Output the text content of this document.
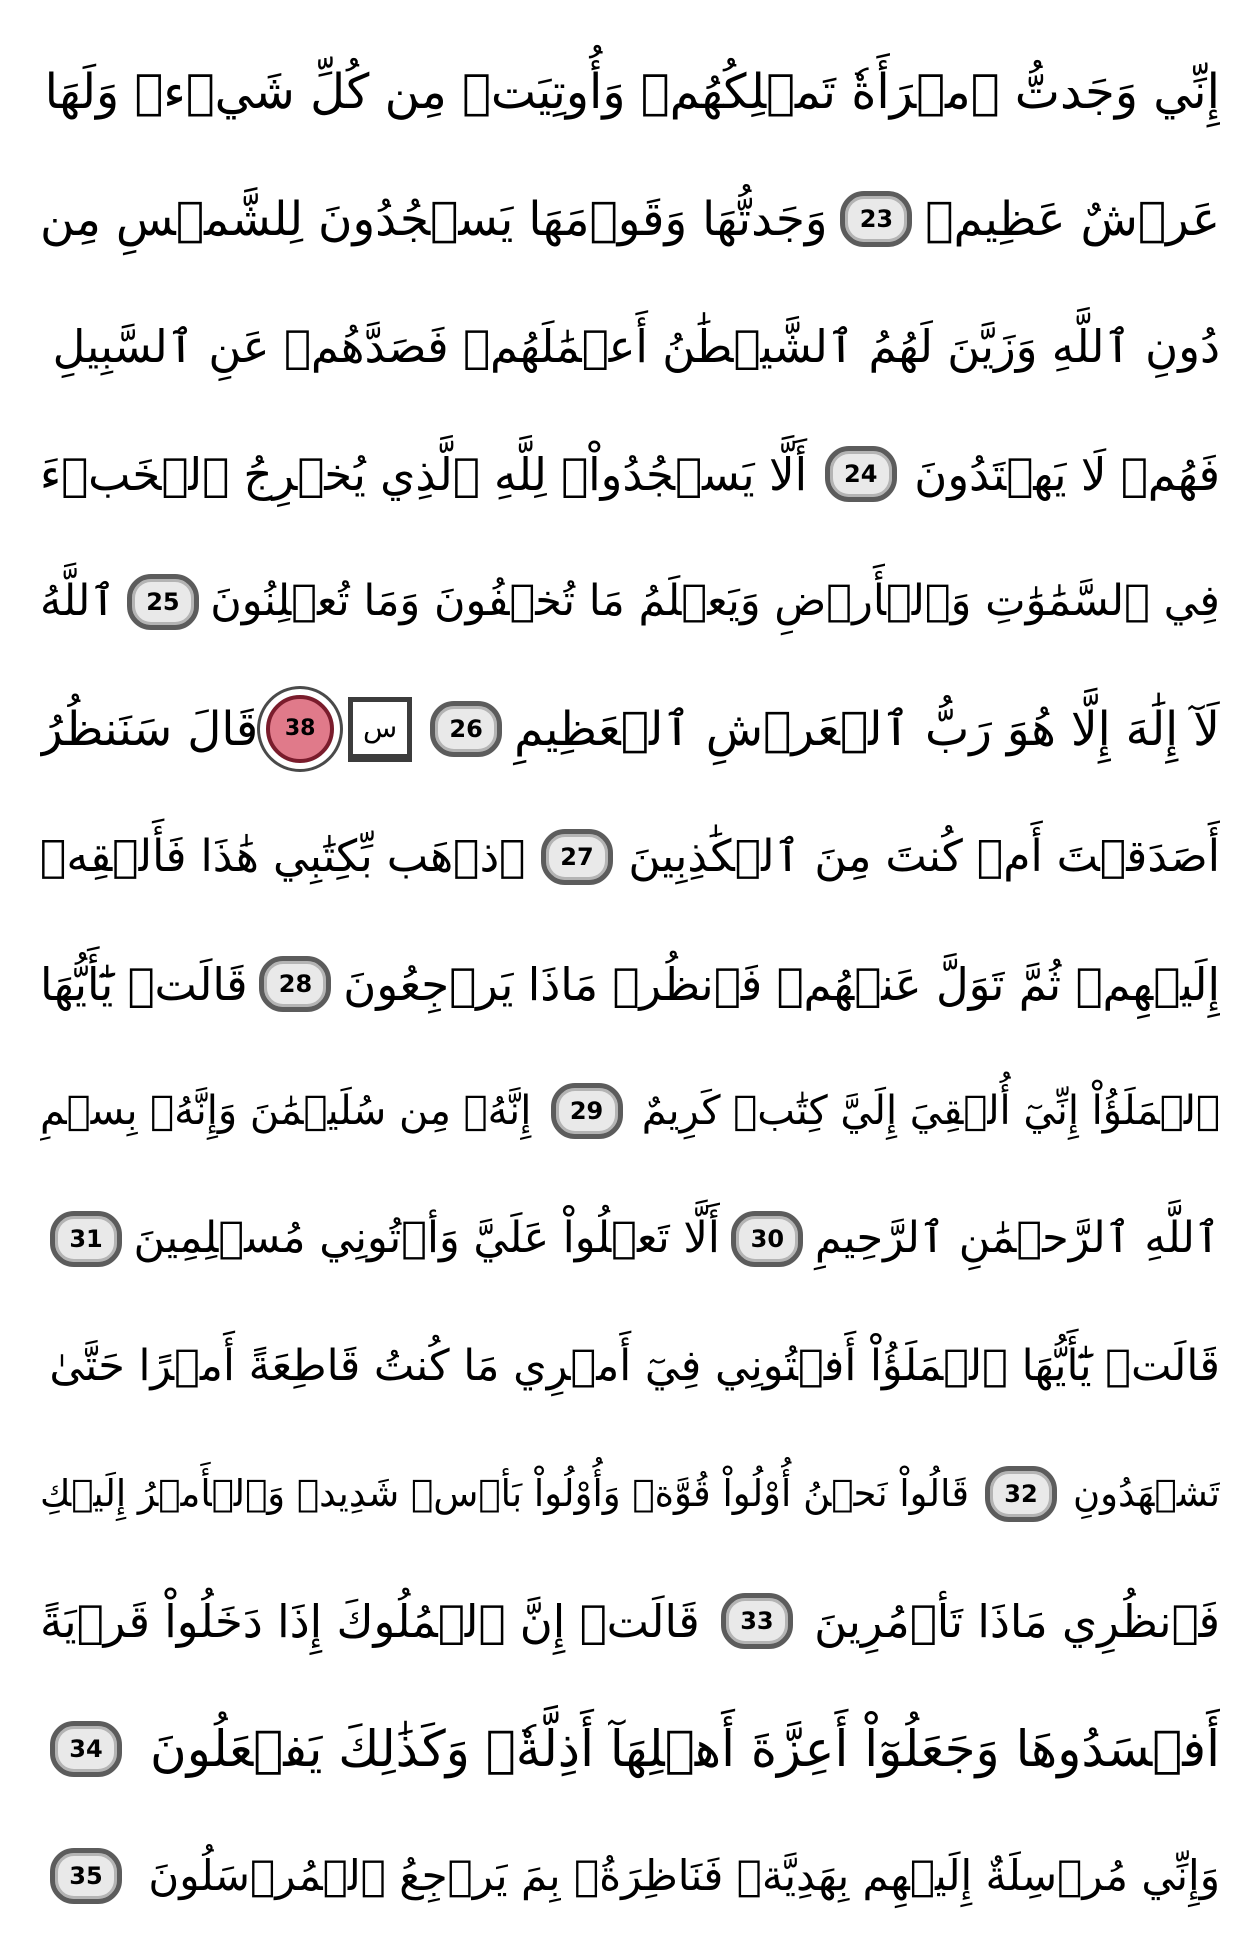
إِنِّي وَجَدتُّ ٱمۡرَأَةٗ تَمۡلِكُهُمۡ وَأُوتِيَتۡ مِن كُلِّ شَيۡءٖ وَلَهَا
عَرۡشٌ عَظِيمٞ
23
وَجَدتُّهَا وَقَوۡمَهَا يَسۡجُدُونَ لِلشَّمۡسِ مِن
دُونِ ٱللَّهِ وَزَيَّنَ لَهُمُ ٱلشَّيۡطَٰنُ أَعۡمَٰلَهُمۡ فَصَدَّهُمۡ عَنِ ٱلسَّبِيلِ
فَهُمۡ لَا يَهۡتَدُونَ
24
أَلَّا يَسۡجُدُواْۤ لِلَّهِ ٱلَّذِي يُخۡرِجُ ٱلۡخَبۡءَ
فِي ٱلسَّمَٰوَٰتِ وَٱلۡأَرۡضِ وَيَعۡلَمُ مَا تُخۡفُونَ وَمَا تُعۡلِنُونَ
25
ٱللَّهُ
لَآ إِلَٰهَ إِلَّا هُوَ رَبُّ ٱلۡعَرۡشِ ٱلۡعَظِيمِ
26
س
38
قَالَ سَنَنظُرُ
أَصَدَقۡتَ أَمۡ كُنتَ مِنَ ٱلۡكَٰذِبِينَ
27
ٱذۡهَب بِّكِتَٰبِي هَٰذَا فَأَلۡقِهۡ
إِلَيۡهِمۡ ثُمَّ تَوَلَّ عَنۡهُمۡ فَٱنظُرۡ مَاذَا يَرۡجِعُونَ
28
قَالَتۡ يَٰٓأَيُّهَا
ٱلۡمَلَؤُاْ إِنِّيٓ أُلۡقِيَ إِلَيَّ كِتَٰبٞ كَرِيمٌ
29
إِنَّهُۥ مِن سُلَيۡمَٰنَ وَإِنَّهُۥ بِسۡمِ
ٱللَّهِ ٱلرَّحۡمَٰنِ ٱلرَّحِيمِ
30
أَلَّا تَعۡلُواْ عَلَيَّ وَأۡتُونِي مُسۡلِمِينَ
31
قَالَتۡ يَٰٓأَيُّهَا ٱلۡمَلَؤُاْ أَفۡتُونِي فِيٓ أَمۡرِي مَا كُنتُ قَاطِعَةً أَمۡرًا حَتَّىٰ
تَشۡهَدُونِ
32
قَالُواْ نَحۡنُ أُوْلُواْ قُوَّةٖ وَأُوْلُواْ بَأۡسٖ شَدِيدٖ وَٱلۡأَمۡرُ إِلَيۡكِ
فَٱنظُرِي مَاذَا تَأۡمُرِينَ
33
قَالَتۡ إِنَّ ٱلۡمُلُوكَ إِذَا دَخَلُواْ قَرۡيَةً
أَفۡسَدُوهَا وَجَعَلُوٓاْ أَعِزَّةَ أَهۡلِهَآ أَذِلَّةٗۚ وَكَذَٰلِكَ يَفۡعَلُونَ
34
وَإِنِّي مُرۡسِلَةٌ إِلَيۡهِم بِهَدِيَّةٖ فَنَاظِرَةُۢ بِمَ يَرۡجِعُ ٱلۡمُرۡسَلُونَ
35
